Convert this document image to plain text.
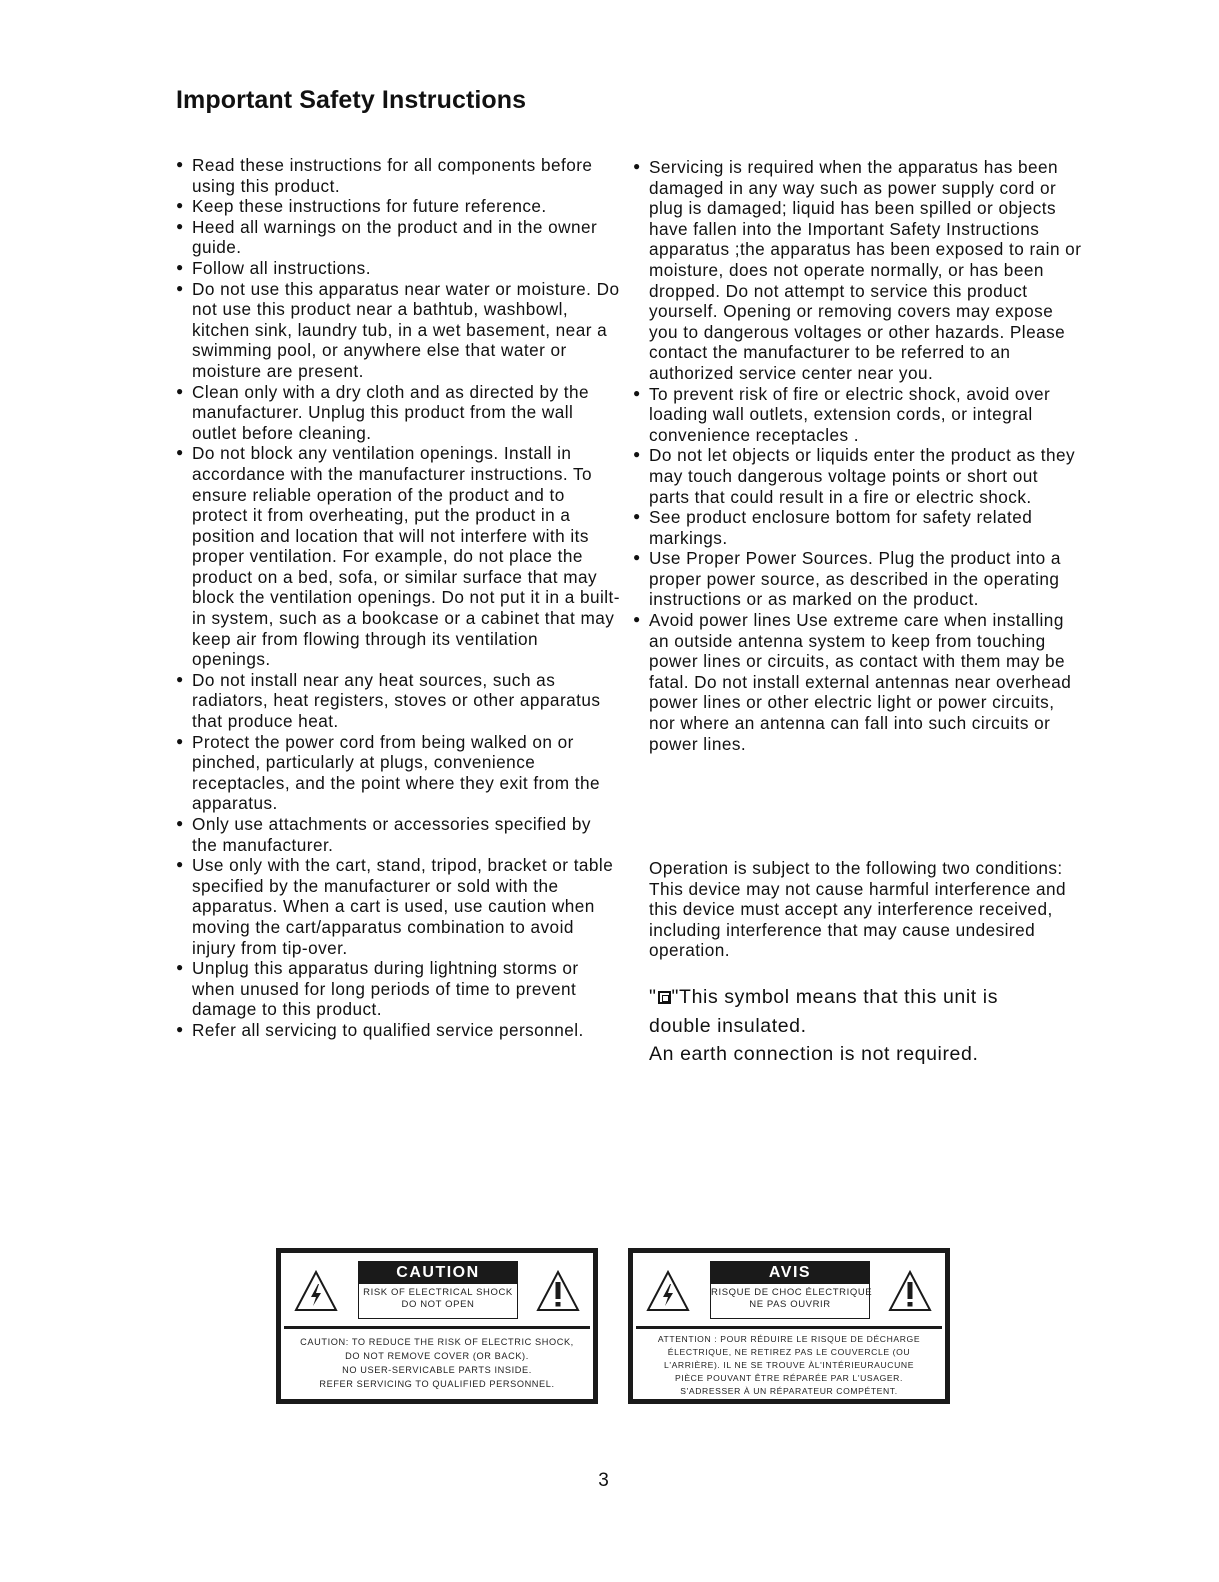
Important Safety Instructions
● Read these instructions for all components before using this product.
● Keep these instructions for future reference.
● Heed all warnings on the product and in the owner guide.
● Follow all instructions.
● Do not use this apparatus near water or moisture. Do not use this product near a bathtub, washbowl, kitchen sink, laundry tub, in a wet basement, near a swimming pool, or anywhere else that water or moisture are present.
● Clean only with a dry cloth and as directed by the manufacturer. Unplug this product from the wall outlet before cleaning.
● Do not block any ventilation openings. Install in accordance with the manufacturer instructions. To ensure reliable operation of the product and to protect it from overheating, put the product in a position and location that will not interfere with its proper ventilation. For example, do not place the product on a bed, sofa, or similar surface that may block the ventilation openings. Do not put it in a built-in system, such as a bookcase or a cabinet that may keep air from flowing through its ventilation openings.
● Do not install near any heat sources, such as radiators, heat registers, stoves or other apparatus that produce heat.
● Protect the power cord from being walked on or pinched, particularly at plugs, convenience receptacles, and the point where they exit from the apparatus.
● Only use attachments or accessories specified by the manufacturer.
● Use only with the cart, stand, tripod, bracket or table specified by the manufacturer or sold with the apparatus. When a cart is used, use caution when moving the cart/apparatus combination to avoid injury from tip-over.
● Unplug this apparatus during lightning storms or when unused for long periods of time to prevent damage to this product.
● Refer all servicing to qualified service personnel.
● Servicing is required when the apparatus has been damaged in any way such as power supply cord or plug is damaged; liquid has been spilled or objects have fallen into the Important Safety Instructions apparatus ;the apparatus has been exposed to rain or moisture, does not operate normally, or has been dropped. Do not attempt to service this product yourself. Opening or removing covers may expose you to dangerous voltages or other hazards. Please contact the manufacturer to be referred to an authorized service center near you.
● To prevent risk of fire or electric shock, avoid over loading wall outlets, extension cords, or integral convenience receptacles .
● Do not let objects or liquids enter the product as they may touch dangerous voltage points or short out parts that could result in a fire or electric shock.
● See product enclosure bottom for safety related markings.
● Use Proper Power Sources. Plug the product into a proper power source, as described in the operating instructions or as marked on the product.
● Avoid power lines Use extreme care when installing an outside antenna system to keep from touching power lines or circuits, as contact with them may be fatal. Do not install external antennas near overhead power lines or other electric light or power circuits, nor where an antenna can fall into such circuits or power lines.

Operation is subject to the following two conditions: This device may not cause harmful interference and this device must accept any interference received, including interference that may cause undesired operation.

" "This symbol means that this unit is
double insulated.
An earth connection is not required.
CAUTION
RISK OF ELECTRICAL SHOCK
DO NOT OPEN
CAUTION: TO REDUCE THE RISK OF ELECTRIC SHOCK,
DO NOT REMOVE COVER (OR BACK).
NO USER-SERVICABLE PARTS INSIDE.
REFER SERVICING TO QUALIFIED PERSONNEL.
AVIS
RISQUE DE CHOC ÉLECTRIQUE
NE PAS OUVRIR
ATTENTION : POUR RÉDUIRE LE RISQUE DE DÉCHARGE
ÉLECTRIQUE, NE RETIREZ PAS LE COUVERCLE (OU
L'ARRIÈRE). IL NE SE TROUVE ÀL'INTÉRIEURAUCUNE
PIÈCE POUVANT ÊTRE RÉPARÉE PAR L'USAGER.
S'ADRESSER À UN RÉPARATEUR COMPÉTENT.
3
